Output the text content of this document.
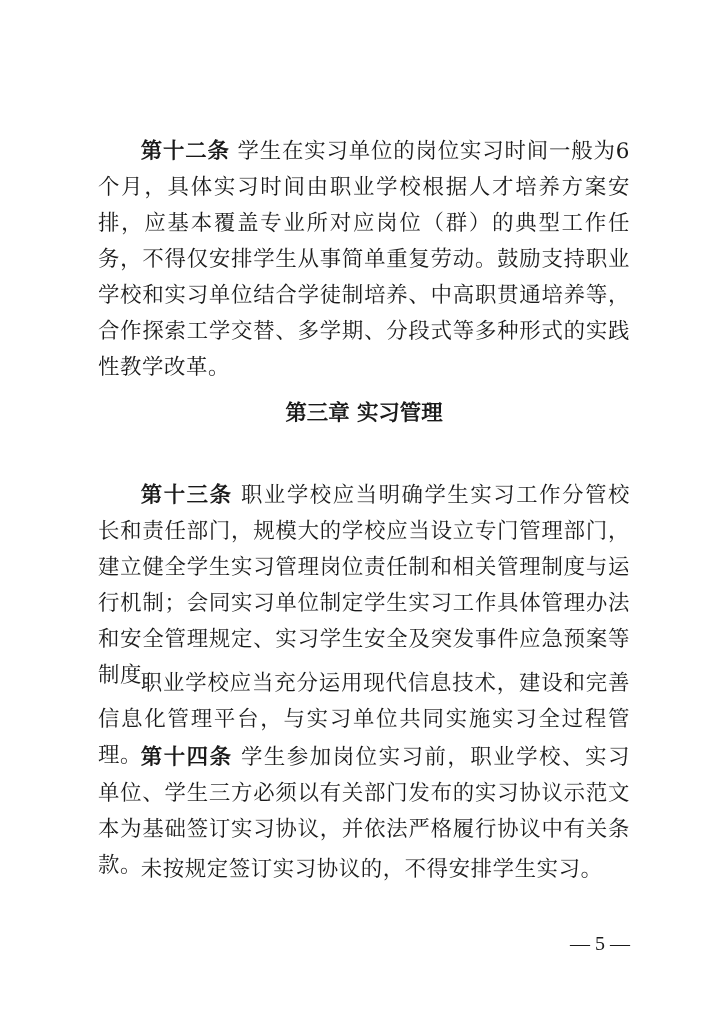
第十二条 学生在实习单位的岗位实习时间一般为6个月，具体实习时间由职业学校根据人才培养方案安排，应基本覆盖专业所对应岗位（群）的典型工作任务，不得仅安排学生从事简单重复劳动。鼓励支持职业学校和实习单位结合学徒制培养、中高职贯通培养等，合作探索工学交替、多学期、分段式等多种形式的实践性教学改革。

第三章 实习管理

第十三条 职业学校应当明确学生实习工作分管校长和责任部门，规模大的学校应当设立专门管理部门，建立健全学生实习管理岗位责任制和相关管理制度与运行机制；会同实习单位制定学生实习工作具体管理办法和安全管理规定、实习学生安全及突发事件应急预案等制度。

职业学校应当充分运用现代信息技术，建设和完善信息化管理平台，与实习单位共同实施实习全过程管理。

第十四条 学生参加岗位实习前，职业学校、实习单位、学生三方必须以有关部门发布的实习协议示范文本为基础签订实习协议，并依法严格履行协议中有关条款。

未按规定签订实习协议的，不得安排学生实习。

— 5 —
